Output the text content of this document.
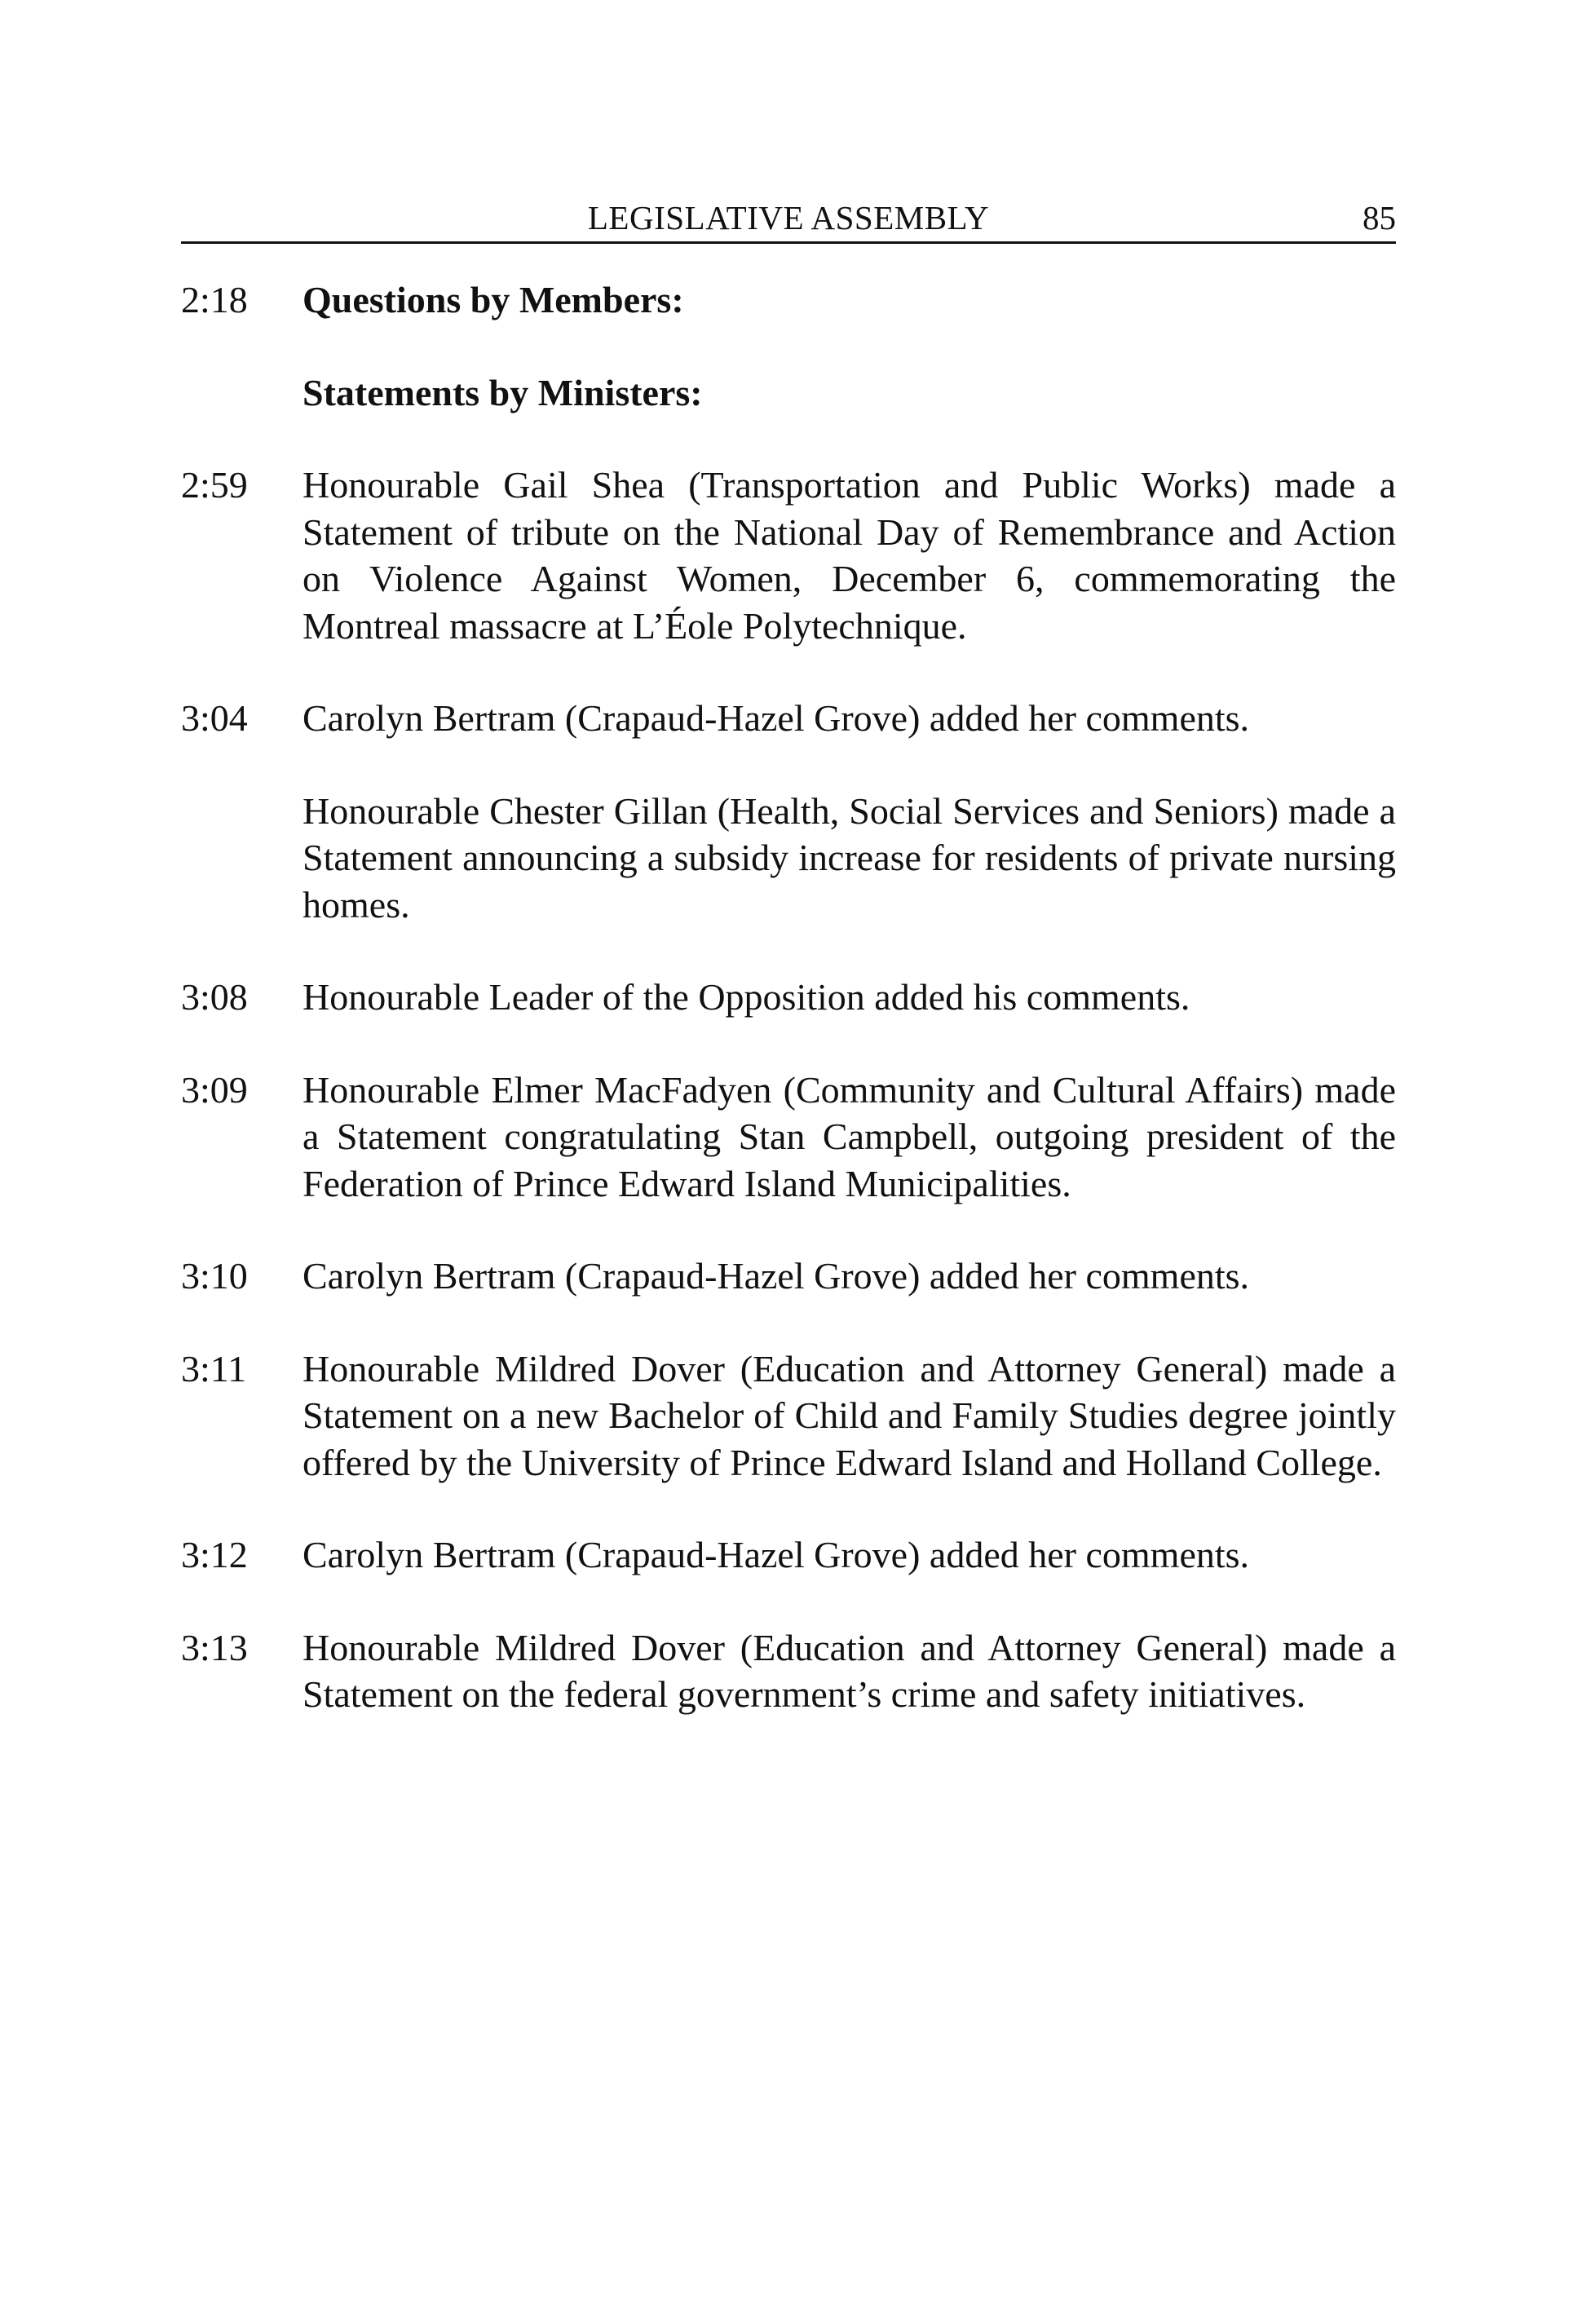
LEGISLATIVE ASSEMBLY	85
2:18	Questions by Members:
Statements by Ministers:
2:59	Honourable Gail Shea (Transportation and Public Works) made a Statement of tribute on the National Day of Remembrance and Action on Violence Against Women, December 6, commemorating the Montreal massacre at L’Éole Polytechnique.
3:04	Carolyn Bertram (Crapaud-Hazel Grove) added her comments.
Honourable Chester Gillan (Health, Social Services and Seniors) made a Statement announcing a subsidy increase for residents of private nursing homes.
3:08	Honourable Leader of the Opposition added his comments.
3:09	Honourable Elmer MacFadyen (Community and Cultural Affairs) made a Statement congratulating Stan Campbell, outgoing president of the Federation of Prince Edward Island Municipalities.
3:10	Carolyn Bertram (Crapaud-Hazel Grove) added her comments.
3:11	Honourable Mildred Dover (Education and Attorney General) made a Statement on a new Bachelor of Child and Family Studies degree jointly offered by the University of Prince Edward Island and Holland College.
3:12	Carolyn Bertram (Crapaud-Hazel Grove) added her comments.
3:13	Honourable Mildred Dover (Education and Attorney General) made a Statement on the federal government’s crime and safety initiatives.
